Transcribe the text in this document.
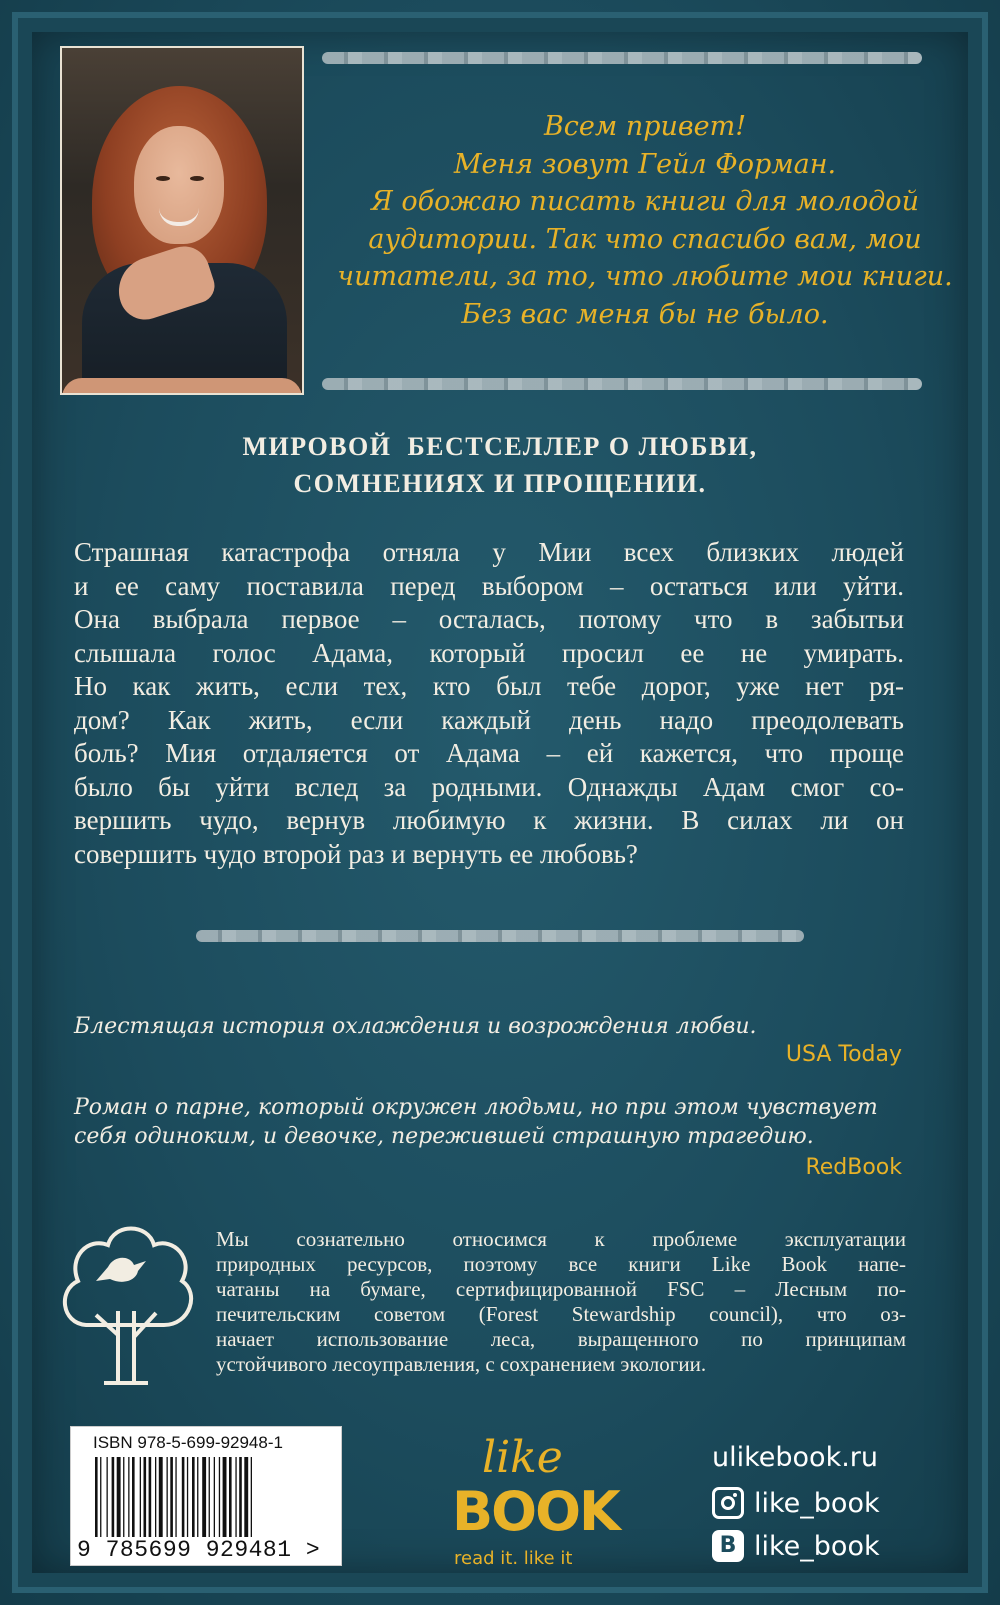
Всем привет!
Меня зовут Гейл Форман.
Я обожаю писать книги для молодой
аудитории. Так что спасибо вам, мои
читатели, за то, что любите мои книги.
Без вас меня бы не было.
МИРОВОЙ  БЕСТСЕЛЛЕР О ЛЮБВИ,
СОМНЕНИЯХ И ПРОЩЕНИИ.
Страшная катастрофа отняла у Мии всех близких людей
и ее саму поставила перед выбором – остаться или уйти.
Она выбрала первое – осталась, потому что в забытьи
слышала голос Адама, который просил ее не умирать.
Но как жить, если тех, кто был тебе дорог, уже нет ря-
дом? Как жить, если каждый день надо преодолевать
боль? Мия отдаляется от Адама – ей кажется, что проще
было бы уйти вслед за родными. Однажды Адам смог со-
вершить чудо, вернув любимую к жизни. В силах ли он
совершить чудо второй раз и вернуть ее любовь?
Блестящая история охлаждения и возрождения любви.
USA Today
Роман о парне, который окружен людьми, но при этом чувствует
себя одиноким, и девочке, пережившей страшную трагедию.
RedBook
Мы сознательно относимся к проблеме эксплуатации
природных ресурсов, поэтому все книги Like Book напе-
чатаны на бумаге, сертифицированной FSC – Лесным по-
печительским советом (Forest Stewardship council), что оз-
начает использование леса, выращенного по принципам
устойчивого лесоуправления, с сохранением экологии.
ISBN 978-5-699-92948-1
9 785699 929481 >
like
BOOK
read it. like it
ulikebook.ru
like_book
B like_book
